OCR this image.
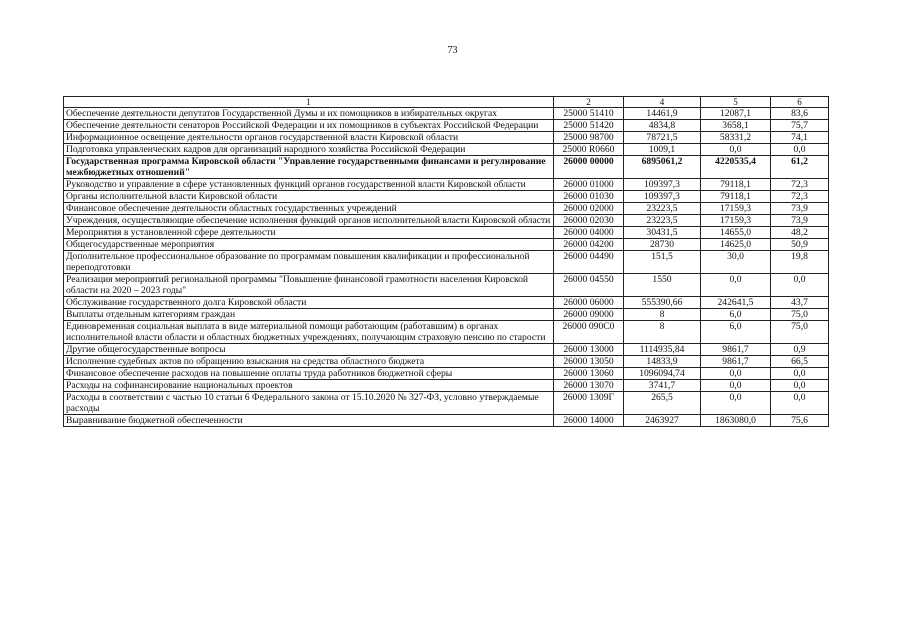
73
1	2	4	5	6
Обеспечение деятельности депутатов Государственной Думы и их помощников в избирательных округах	25000 51410	14461,9	12087,1	83,6
Обеспечение деятельности сенаторов Российской Федерации и их помощников в субъектах Российской Федерации	25000 51420	4834,8	3658,1	75,7
Информационное освещение деятельности органов государственной власти Кировской области	25000 98700	78721,5	58331,2	74,1
Подготовка управленческих кадров для организаций народного хозяйства Российской Федерации	25000 R0660	1009,1	0,0	0,0
Государственная программа Кировской области "Управление государственными финансами и регулирование межбюджетных отношений"	26000 00000	6895061,2	4220535,4	61,2
Руководство и управление в сфере установленных функций органов государственной власти Кировской области	26000 01000	109397,3	79118,1	72,3
Органы исполнительной власти Кировской области	26000 01030	109397,3	79118,1	72,3
Финансовое обеспечение деятельности областных государственных учреждений	26000 02000	23223,5	17159,3	73,9
Учреждения, осуществляющие обеспечение исполнения функций органов исполнительной власти Кировской области	26000 02030	23223,5	17159,3	73,9
Мероприятия в установленной сфере деятельности	26000 04000	30431,5	14655,0	48,2
Общегосударственные мероприятия	26000 04200	28730	14625,0	50,9
Дополнительное профессиональное образование по программам повышения квалификации и профессиональной переподготовки	26000 04490	151,5	30,0	19,8
Реализация мероприятий региональной программы "Повышение финансовой грамотности населения Кировской области на 2020 – 2023 годы"	26000 04550	1550	0,0	0,0
Обслуживание государственного долга Кировской области	26000 06000	555390,66	242641,5	43,7
Выплаты отдельным категориям граждан	26000 09000	8	6,0	75,0
Единовременная социальная выплата в виде материальной помощи работающим (работавшим) в органах исполнительной власти области и областных бюджетных учреждениях, получающим страховую пенсию по старости	26000 090С0	8	6,0	75,0
Другие общегосударственные вопросы	26000 13000	1114935,84	9861,7	0,9
Исполнение судебных актов по обращению взыскания на средства областного бюджета	26000 13050	14833,9	9861,7	66,5
Финансовое обеспечение расходов на повышение оплаты труда работников бюджетной сферы	26000 13060	1096094,74	0,0	0,0
Расходы на софинансирование национальных проектов	26000 13070	3741,7	0,0	0,0
Расходы в соответствии с частью 10 статьи 6 Федерального закона от 15.10.2020 № 327-ФЗ, условно утверждаемые расходы	26000 1309Г	265,5	0,0	0,0
Выравнивание бюджетной обеспеченности	26000 14000	2463927	1863080,0	75,6
